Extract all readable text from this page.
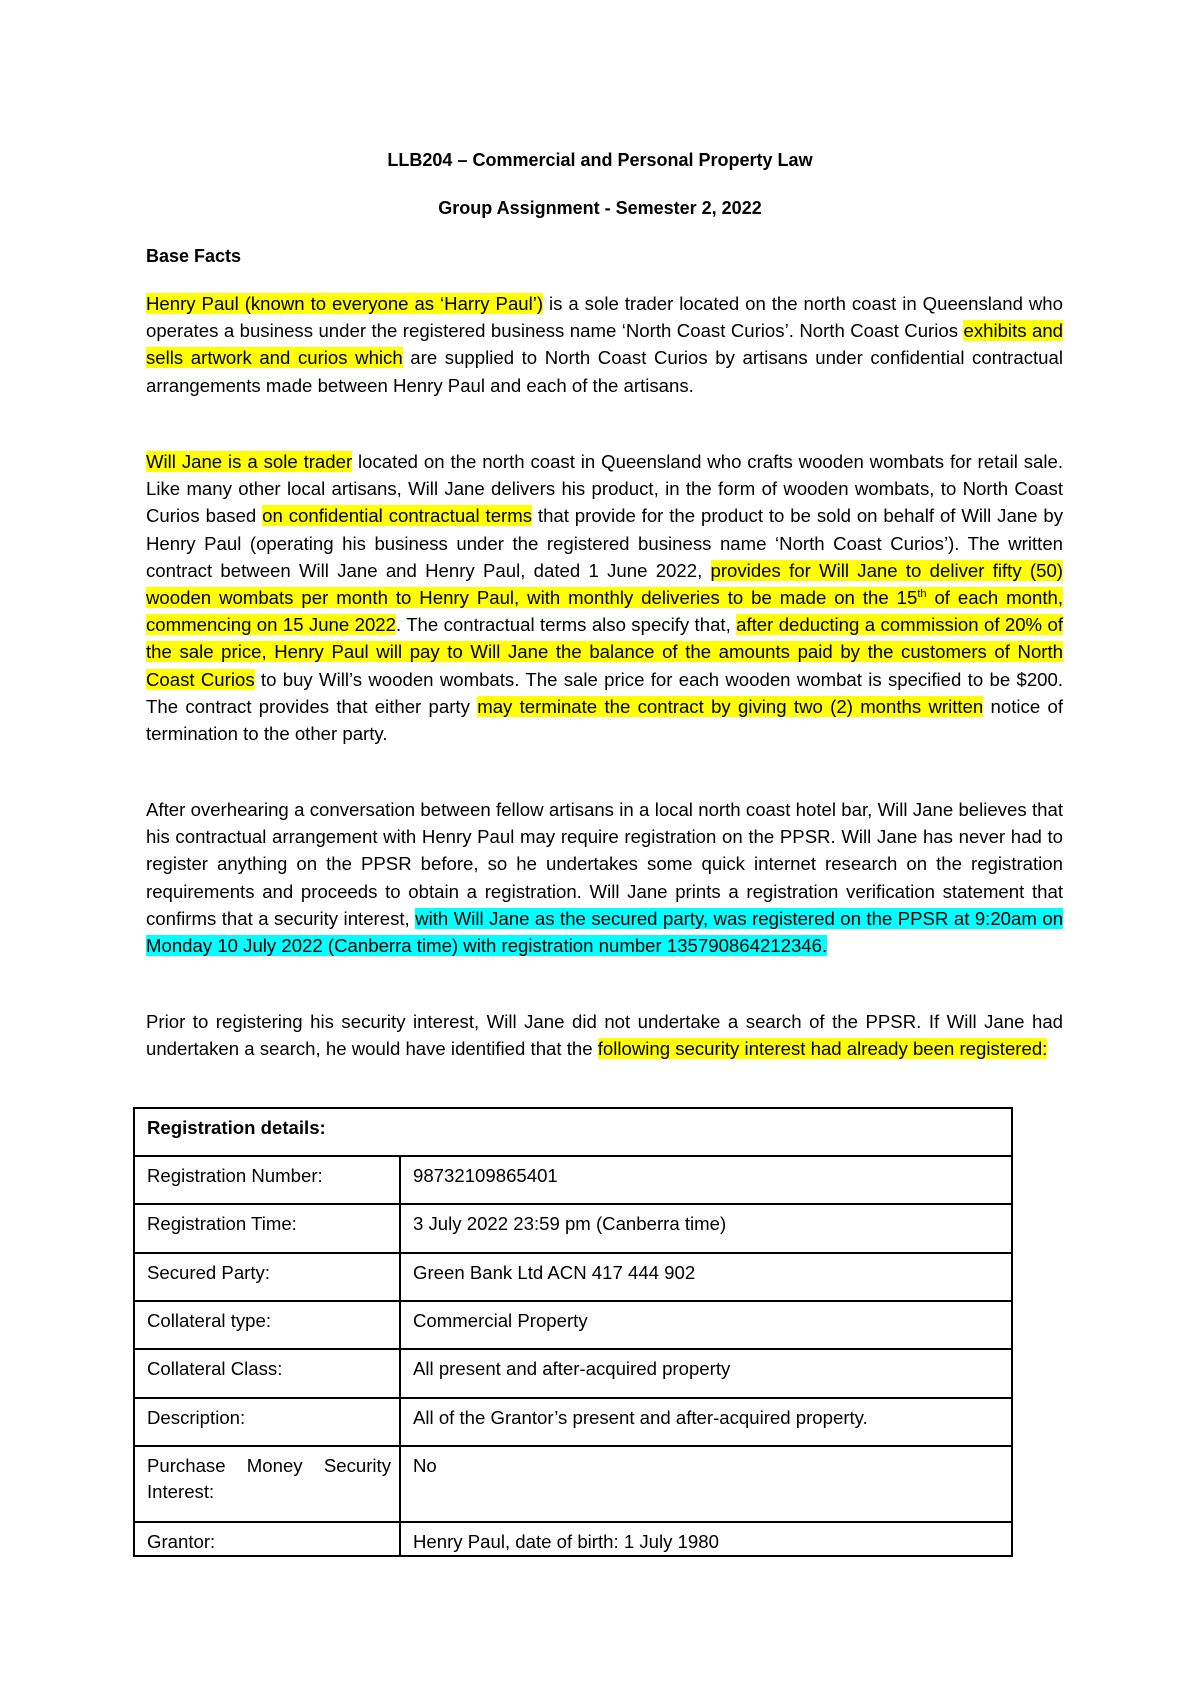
LLB204 – Commercial and Personal Property Law
Group Assignment - Semester 2, 2022
Base Facts

Henry Paul (known to everyone as ‘Harry Paul’) is a sole trader located on the north coast in Queensland who operates a business under the registered business name ‘North Coast Curios’. North Coast Curios exhibits and sells artwork and curios which are supplied to North Coast Curios by artisans under confidential contractual arrangements made between Henry Paul and each of the artisans.

Will Jane is a sole trader located on the north coast in Queensland who crafts wooden wombats for retail sale. Like many other local artisans, Will Jane delivers his product, in the form of wooden wombats, to North Coast Curios based on confidential contractual terms that provide for the product to be sold on behalf of Will Jane by Henry Paul (operating his business under the registered business name ‘North Coast Curios’). The written contract between Will Jane and Henry Paul, dated 1 June 2022, provides for Will Jane to deliver fifty (50) wooden wombats per month to Henry Paul, with monthly deliveries to be made on the 15th of each month, commencing on 15 June 2022. The contractual terms also specify that, after deducting a commission of 20% of the sale price, Henry Paul will pay to Will Jane the balance of the amounts paid by the customers of North Coast Curios to buy Will’s wooden wombats. The sale price for each wooden wombat is specified to be $200. The contract provides that either party may terminate the contract by giving two (2) months written notice of termination to the other party.

After overhearing a conversation between fellow artisans in a local north coast hotel bar, Will Jane believes that his contractual arrangement with Henry Paul may require registration on the PPSR. Will Jane has never had to register anything on the PPSR before, so he undertakes some quick internet research on the registration requirements and proceeds to obtain a registration. Will Jane prints a registration verification statement that confirms that a security interest, with Will Jane as the secured party, was registered on the PPSR at 9:20am on Monday 10 July 2022 (Canberra time) with registration number 135790864212346.

Prior to registering his security interest, Will Jane did not undertake a search of the PPSR. If Will Jane had undertaken a search, he would have identified that the following security interest had already been registered:

Registration details:	
Registration Number:	98732109865401
Registration Time:	3 July 2022 23:59 pm (Canberra time)
Secured Party:	Green Bank Ltd ACN 417 444 902
Collateral type:	Commercial Property
Collateral Class:	All present and after-acquired property
Description:	All of the Grantor’s present and after-acquired property.
Purchase Money Security Interest:	No
Grantor:	Henry Paul, date of birth: 1 July 1980
